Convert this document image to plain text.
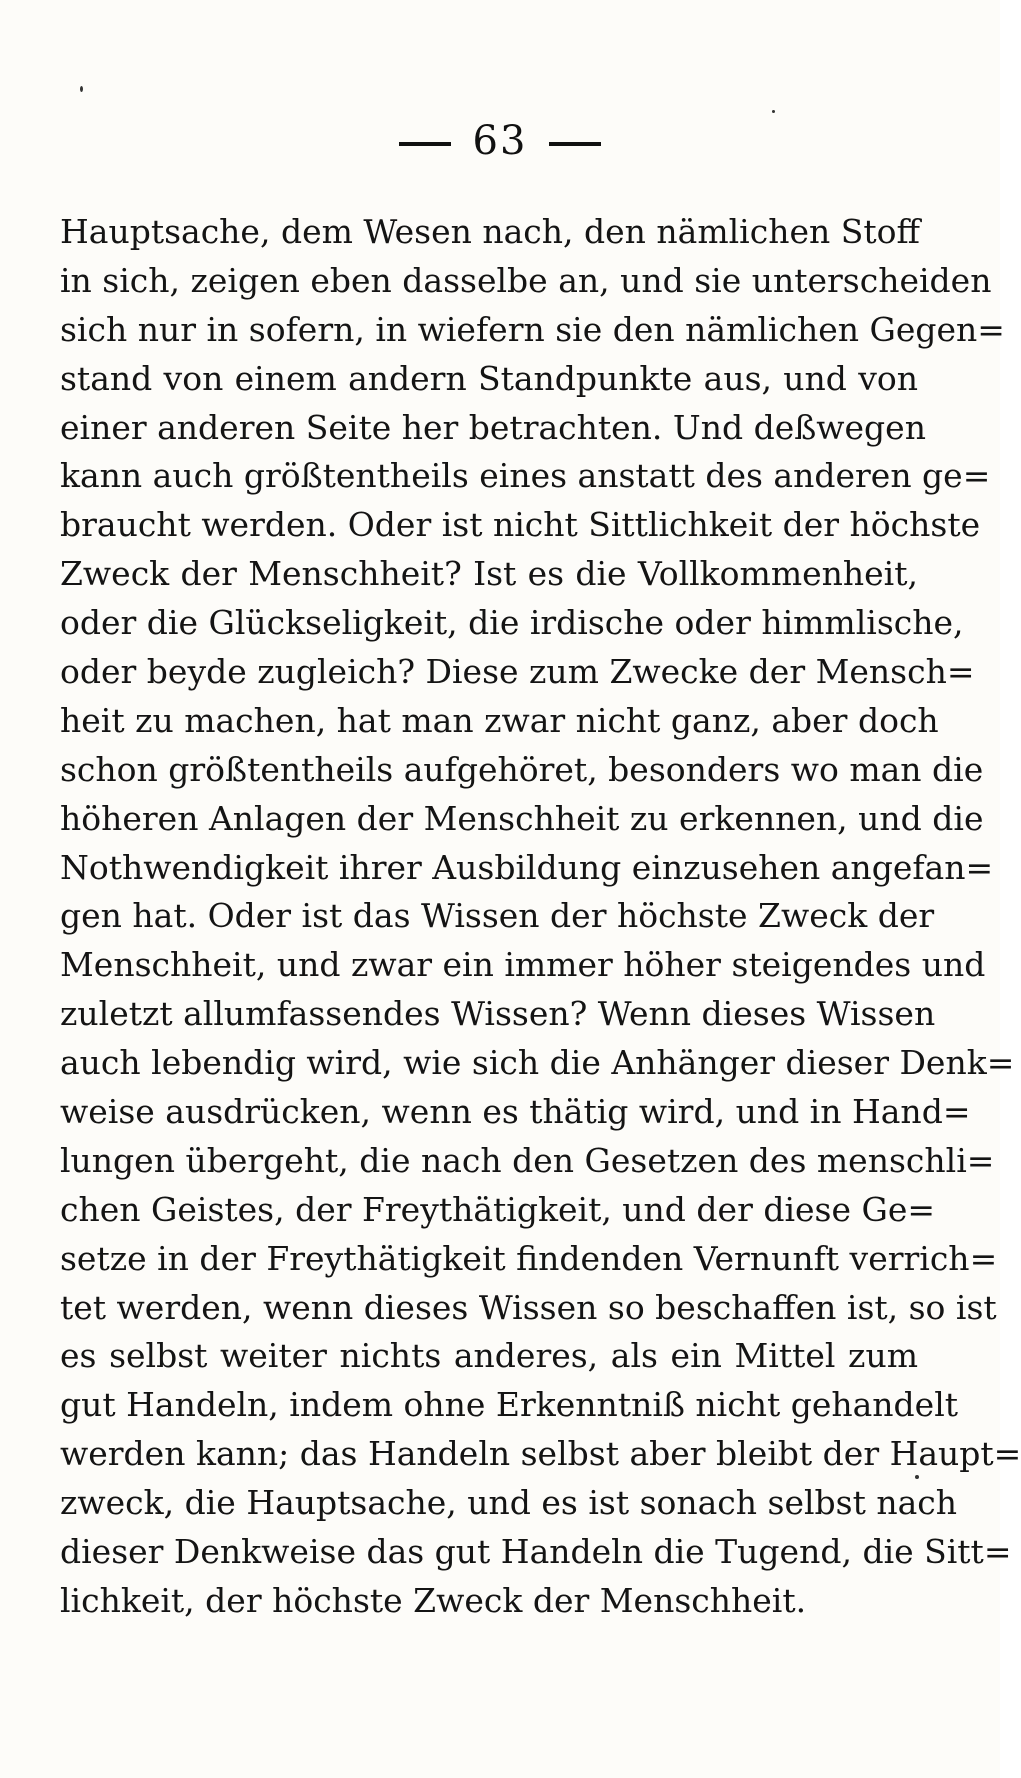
63
Hauptsache, dem Wesen nach, den nämlichen Stoff
in sich, zeigen eben dasselbe an, und sie unterscheiden
sich nur in sofern, in wiefern sie den nämlichen Gegen=
stand von einem andern Standpunkte aus, und von
einer anderen Seite her betrachten. Und deßwegen
kann auch größtentheils eines anstatt des anderen ge=
braucht werden. Oder ist nicht Sittlichkeit der höchste
Zweck der Menschheit? Ist es die Vollkommenheit,
oder die Glückseligkeit, die irdische oder himmlische,
oder beyde zugleich? Diese zum Zwecke der Mensch=
heit zu machen, hat man zwar nicht ganz, aber doch
schon größtentheils aufgehöret, besonders wo man die
höheren Anlagen der Menschheit zu erkennen, und die
Nothwendigkeit ihrer Ausbildung einzusehen angefan=
gen hat. Oder ist das Wissen der höchste Zweck der
Menschheit, und zwar ein immer höher steigendes und
zuletzt allumfassendes Wissen? Wenn dieses Wissen
auch lebendig wird, wie sich die Anhänger dieser Denk=
weise ausdrücken, wenn es thätig wird, und in Hand=
lungen übergeht, die nach den Gesetzen des menschli=
chen Geistes, der Freythätigkeit, und der diese Ge=
setze in der Freythätigkeit findenden Vernunft verrich=
tet werden, wenn dieses Wissen so beschaffen ist, so ist
es selbst weiter nichts anderes, als ein Mittel zum
gut Handeln, indem ohne Erkenntniß nicht gehandelt
werden kann; das Handeln selbst aber bleibt der Haupt=
zweck, die Hauptsache, und es ist sonach selbst nach
dieser Denkweise das gut Handeln die Tugend, die Sitt=
lichkeit, der höchste Zweck der Menschheit.
